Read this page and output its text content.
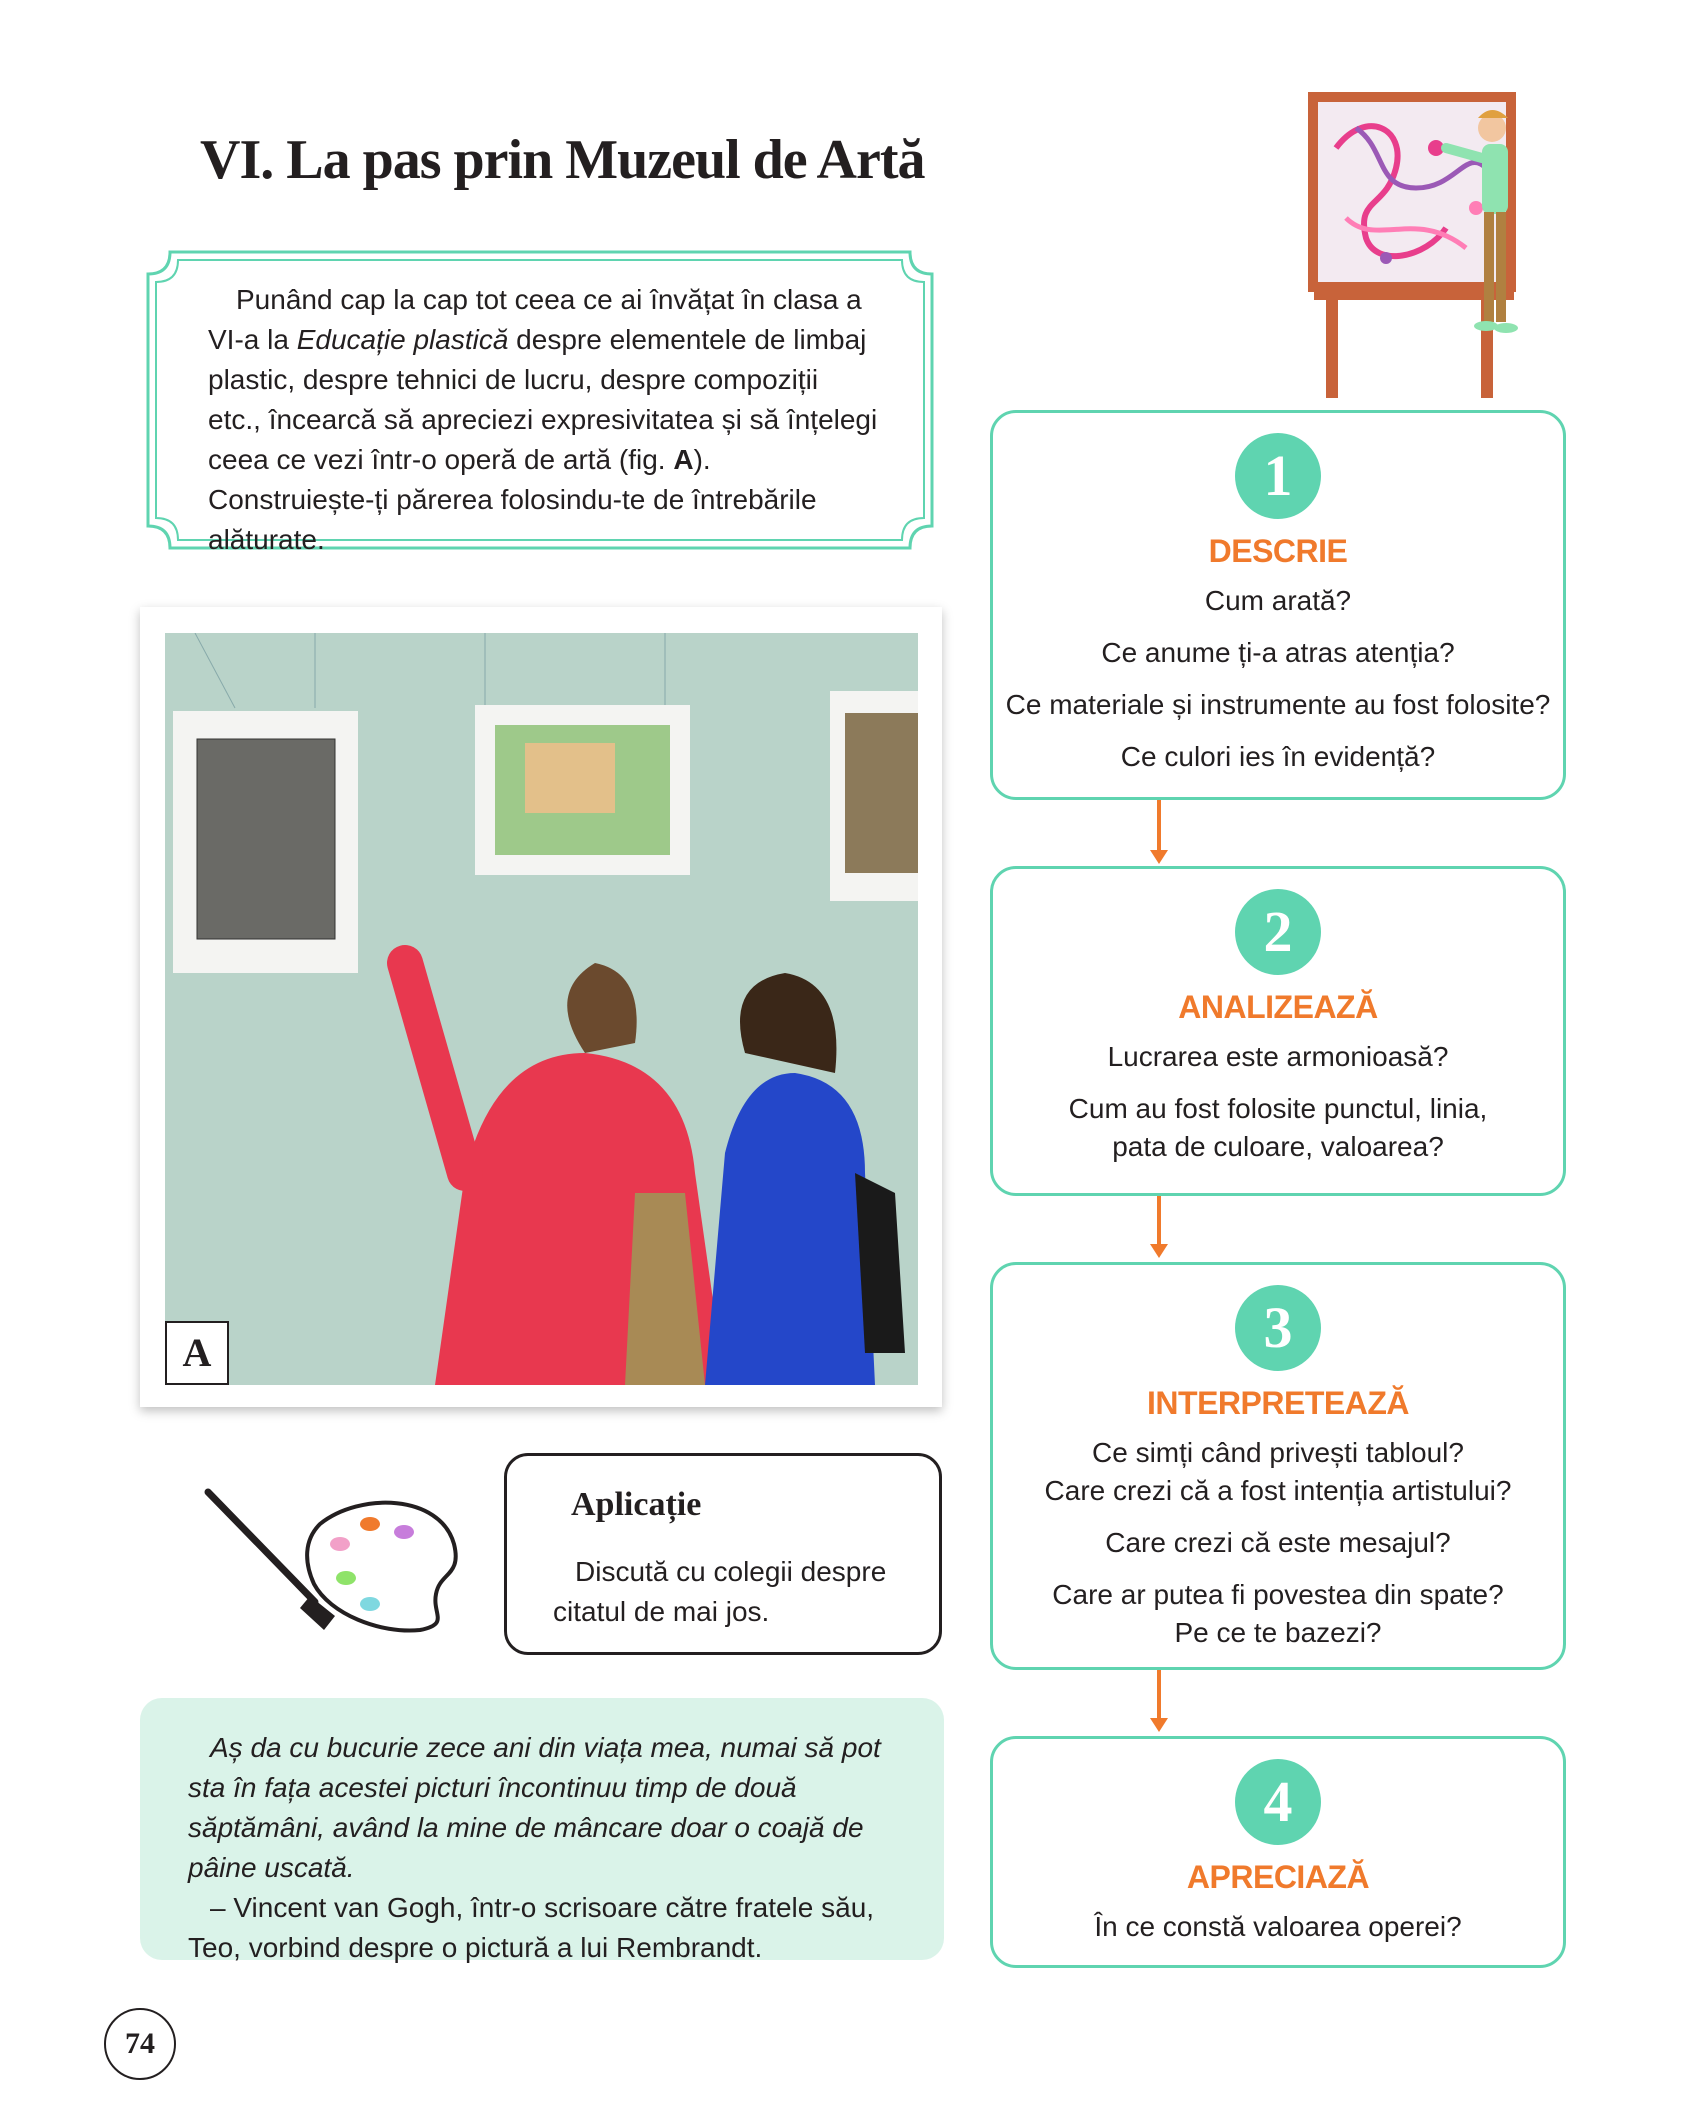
VI. La pas prin Muzeul de Artă

Punând cap la cap tot ceea ce ai învățat în clasa a VI-a la Educație plastică despre elementele de limbaj plastic, despre tehnici de lucru, despre compoziții etc., încearcă să apreciezi expresivitatea și să înțelegi ceea ce vezi într-o operă de artă (fig. A). Construiește-ți părerea folosindu-te de întrebările alăturate.

A
Aplicație

Discută cu colegii despre citatul de mai jos.

Aș da cu bucurie zece ani din viața mea, numai să pot sta în fața acestei picturi încontinuu timp de două săptămâni, având la mine de mâncare doar o coajă de pâine uscată.

– Vincent van Gogh, într-o scrisoare către fratele său, Teo, vorbind despre o pictură a lui Rembrandt.

74
1
DESCRIE
Cum arată?
Ce anume ți-a atras atenția?
Ce materiale și instrumente au fost folosite?
Ce culori ies în evidență?
2
ANALIZEAZĂ
Lucrarea este armonioasă?
Cum au fost folosite punctul, linia,
pata de culoare, valoarea?
3
INTERPRETEAZĂ
Ce simți când privești tabloul?
Care crezi că a fost intenția artistului?
Care crezi că este mesajul?
Care ar putea fi povestea din spate?
Pe ce te bazezi?
4
APRECIAZĂ
În ce constă valoarea operei?
